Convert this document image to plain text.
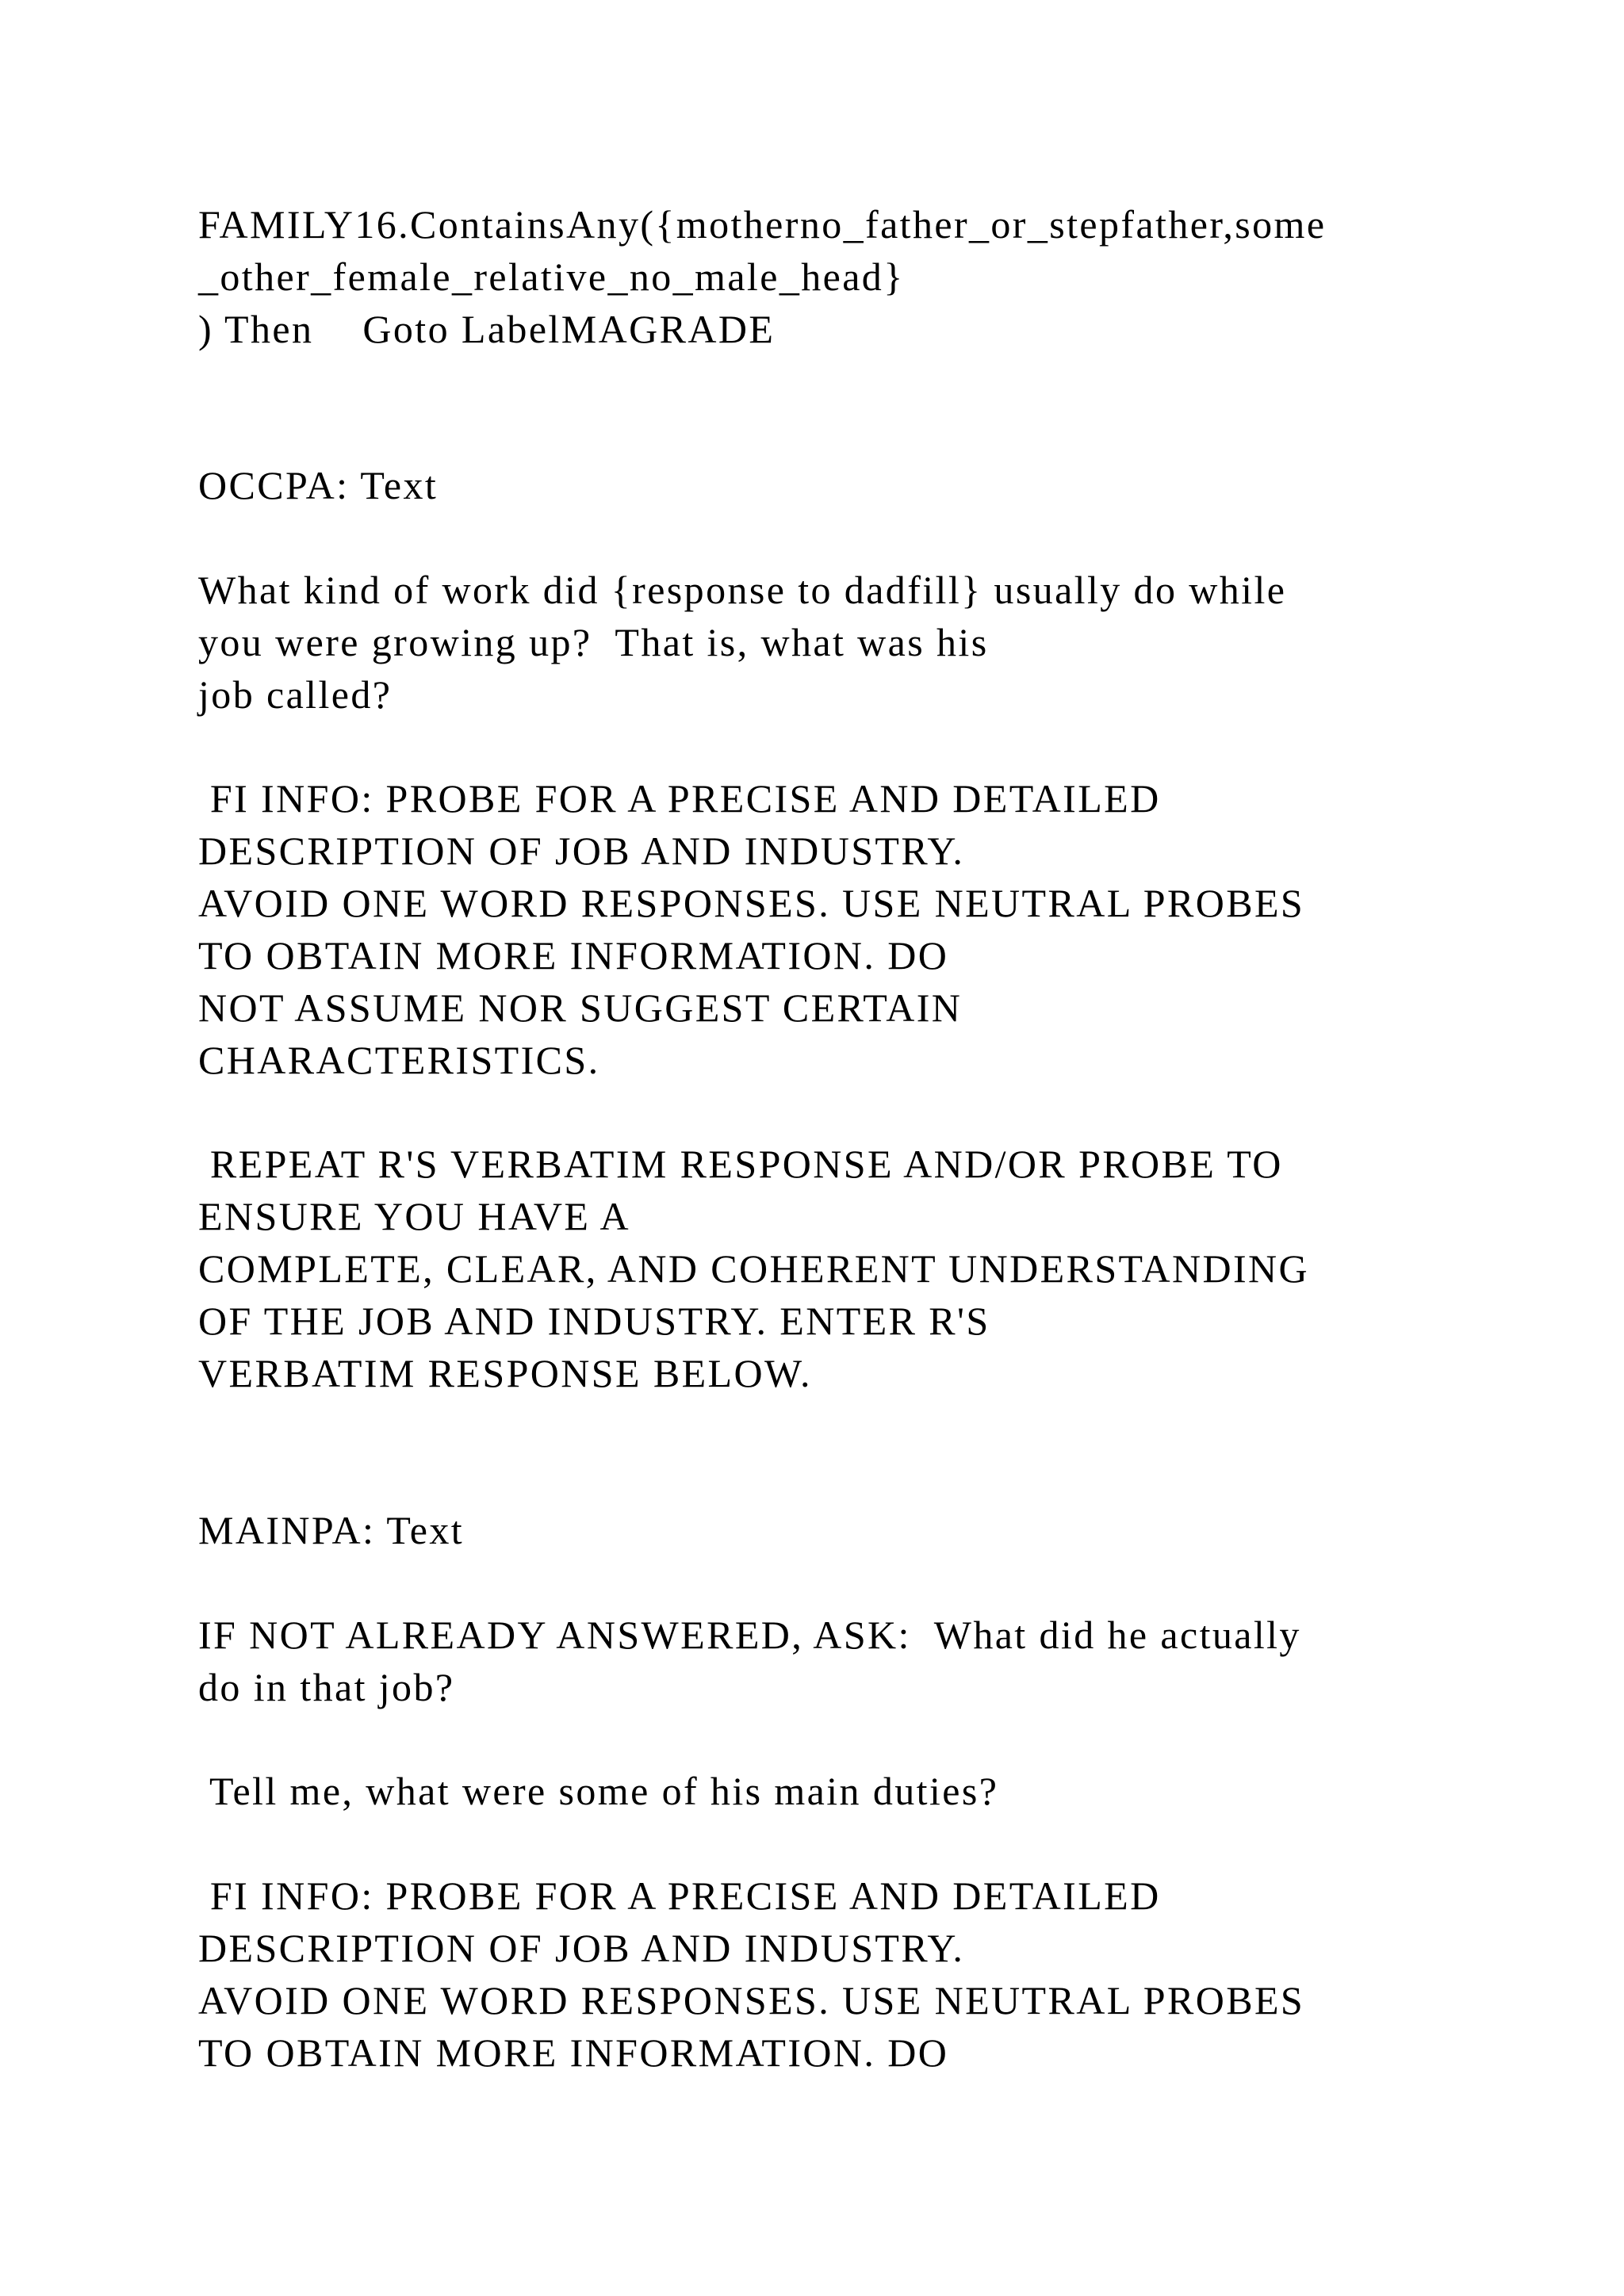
FAMILY16.ContainsAny({motherno_father_or_stepfather,some
_other_female_relative_no_male_head}
) Then Goto LabelMAGRADE
OCCPA: Text
What kind of work did {response to dadfill} usually do while
you were growing up?  That is, what was his
job called?
FI INFO: PROBE FOR A PRECISE AND DETAILED
DESCRIPTION OF JOB AND INDUSTRY.
AVOID ONE WORD RESPONSES. USE NEUTRAL PROBES
TO OBTAIN MORE INFORMATION. DO
NOT ASSUME NOR SUGGEST CERTAIN
CHARACTERISTICS.
REPEAT R'S VERBATIM RESPONSE AND/OR PROBE TO
ENSURE YOU HAVE A
COMPLETE, CLEAR, AND COHERENT UNDERSTANDING
OF THE JOB AND INDUSTRY. ENTER R'S
VERBATIM RESPONSE BELOW.
MAINPA: Text
IF NOT ALREADY ANSWERED, ASK:  What did he actually
do in that job?
Tell me, what were some of his main duties?
FI INFO: PROBE FOR A PRECISE AND DETAILED
DESCRIPTION OF JOB AND INDUSTRY.
AVOID ONE WORD RESPONSES. USE NEUTRAL PROBES
TO OBTAIN MORE INFORMATION. DO
